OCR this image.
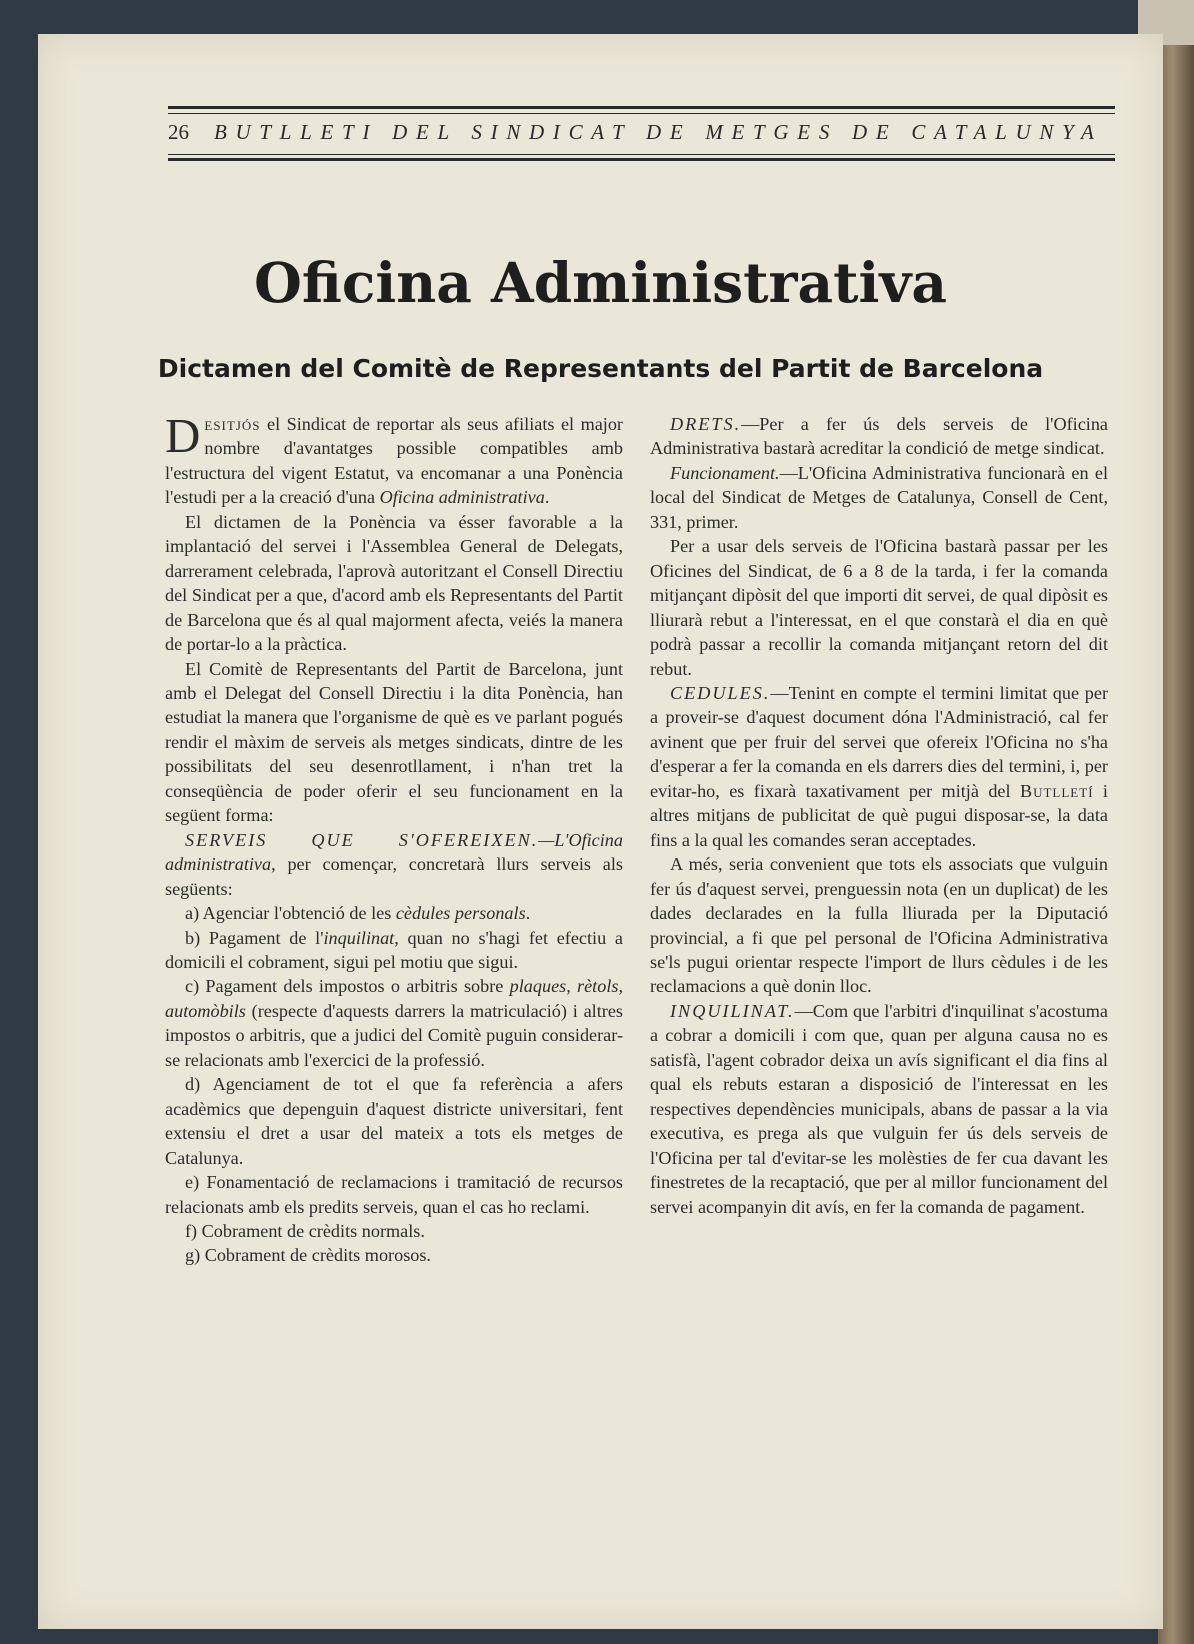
26 BUTLLETI DEL SINDICAT DE METGES DE CATALUNYA
Oficina Administrativa
Dictamen del Comitè de Representants del Partit de Barcelona

Desitjós el Sindicat de reportar als seus afiliats el major nombre d'avantatges possible compatibles amb l'estructura del vigent Estatut, va encomanar a una Ponència l'estudi per a la creació d'una Oficina administrativa.

El dictamen de la Ponència va ésser favorable a la implantació del servei i l'Assemblea General de Delegats, darrerament celebrada, l'aprovà autoritzant el Consell Directiu del Sindicat per a que, d'acord amb els Representants del Partit de Barcelona que és al qual majorment afecta, veiés la manera de portar-lo a la pràctica.

El Comitè de Representants del Partit de Barcelona, junt amb el Delegat del Consell Directiu i la dita Ponència, han estudiat la manera que l'organisme de què es ve parlant pogués rendir el màxim de serveis als metges sindicats, dintre de les possibilitats del seu desenrotllament, i n'han tret la conseqüència de poder oferir el seu funcionament en la següent forma:

SERVEIS QUE S'OFEREIXEN.—L'Oficina administrativa, per començar, concretarà llurs serveis als següents:

a) Agenciar l'obtenció de les cèdules personals.

b) Pagament de l'inquilinat, quan no s'hagi fet efectiu a domicili el cobrament, sigui pel motiu que sigui.

c) Pagament dels impostos o arbitris sobre plaques, rètols, automòbils (respecte d'aquests darrers la matriculació) i altres impostos o arbitris, que a judici del Comitè puguin considerar-se relacionats amb l'exercici de la professió.

d) Agenciament de tot el que fa referència a afers acadèmics que depenguin d'aquest districte universitari, fent extensiu el dret a usar del mateix a tots els metges de Catalunya.

e) Fonamentació de reclamacions i tramitació de recursos relacionats amb els predits serveis, quan el cas ho reclami.

f) Cobrament de crèdits normals.

g) Cobrament de crèdits morosos.

DRETS.—Per a fer ús dels serveis de l'Oficina Administrativa bastarà acreditar la condició de metge sindicat.

Funcionament.—L'Oficina Administrativa funcionarà en el local del Sindicat de Metges de Catalunya, Consell de Cent, 331, primer.

Per a usar dels serveis de l'Oficina bastarà passar per les Oficines del Sindicat, de 6 a 8 de la tarda, i fer la comanda mitjançant dipòsit del que importi dit servei, de qual dipòsit es lliurarà rebut a l'interessat, en el que constarà el dia en què podrà passar a recollir la comanda mitjançant retorn del dit rebut.

CEDULES.—Tenint en compte el termini limitat que per a proveir-se d'aquest document dóna l'Administració, cal fer avinent que per fruir del servei que ofereix l'Oficina no s'ha d'esperar a fer la comanda en els darrers dies del termini, i, per evitar-ho, es fixarà taxativament per mitjà del Butlletí i altres mitjans de publicitat de què pugui disposar-se, la data fins a la qual les comandes seran acceptades.

A més, seria convenient que tots els associats que vulguin fer ús d'aquest servei, prenguessin nota (en un duplicat) de les dades declarades en la fulla lliurada per la Diputació provincial, a fi que pel personal de l'Oficina Administrativa se'ls pugui orientar respecte l'import de llurs cèdules i de les reclamacions a què donin lloc.

INQUILINAT.—Com que l'arbitri d'inquilinat s'acostuma a cobrar a domicili i com que, quan per alguna causa no es satisfà, l'agent cobrador deixa un avís significant el dia fins al qual els rebuts estaran a disposició de l'interessat en les respectives dependències municipals, abans de passar a la via executiva, es prega als que vulguin fer ús dels serveis de l'Oficina per tal d'evitar-se les molèsties de fer cua davant les finestretes de la recaptació, que per al millor funcionament del servei acompanyin dit avís, en fer la comanda de pagament.
